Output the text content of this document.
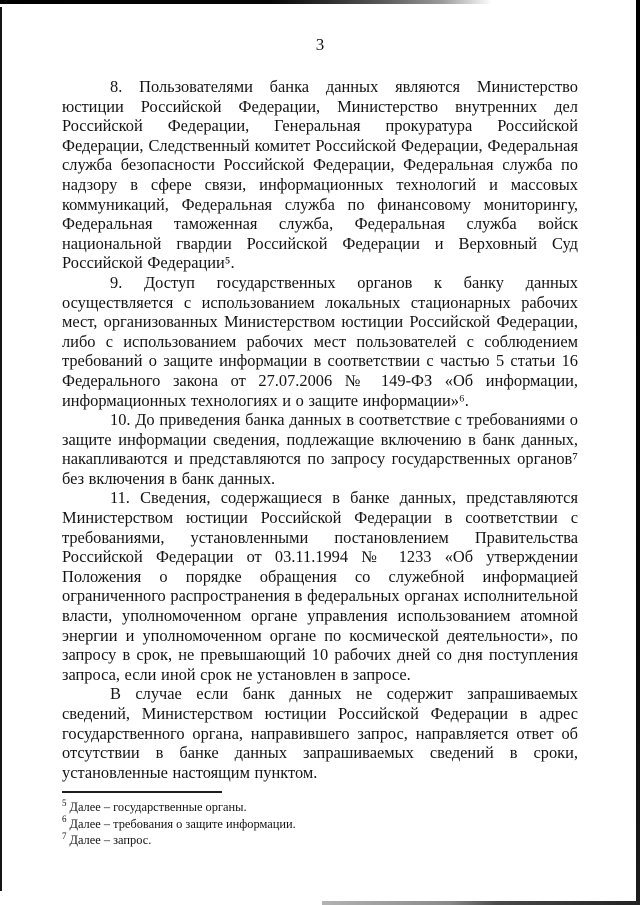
3

8. Пользователями банка данных являются Министерство юстиции Российской Федерации, Министерство внутренних дел Российской Федерации, Генеральная прокуратура Российской Федерации, Следственный комитет Российской Федерации, Федеральная служба безопасности Российской Федерации, Федеральная служба по надзору в сфере связи, информационных технологий и массовых коммуникаций, Федеральная служба по финансовому мониторингу, Федеральная таможенная служба, Федеральная служба войск национальной гвардии Российской Федерации и Верховный Суд Российской Федерации⁵.

9. Доступ государственных органов к банку данных осуществляется с использованием локальных стационарных рабочих мест, организованных Министерством юстиции Российской Федерации, либо с использованием рабочих мест пользователей с соблюдением требований о защите информации в соответствии с частью 5 статьи 16 Федерального закона от 27.07.2006 № 149-ФЗ «Об информации, информационных технологиях и о защите информации»⁶.

10. До приведения банка данных в соответствие с требованиями о защите информации сведения, подлежащие включению в банк данных, накапливаются и представляются по запросу государственных органов⁷ без включения в банк данных.

11. Сведения, содержащиеся в банке данных, представляются Министерством юстиции Российской Федерации в соответствии с требованиями, установленными постановлением Правительства Российской Федерации от 03.11.1994 № 1233 «Об утверждении Положения о порядке обращения со служебной информацией ограниченного распространения в федеральных органах исполнительной власти, уполномоченном органе управления использованием атомной энергии и уполномоченном органе по космической деятельности», по запросу в срок, не превышающий 10 рабочих дней со дня поступления запроса, если иной срок не установлен в запросе.

В случае если банк данных не содержит запрашиваемых сведений, Министерством юстиции Российской Федерации в адрес государственного органа, направившего запрос, направляется ответ об отсутствии в банке данных запрашиваемых сведений в сроки, установленные настоящим пунктом.

$^5$ Далее – государственные органы.
$^6$ Далее – требования о защите информации.
$^7$ Далее – запрос.
